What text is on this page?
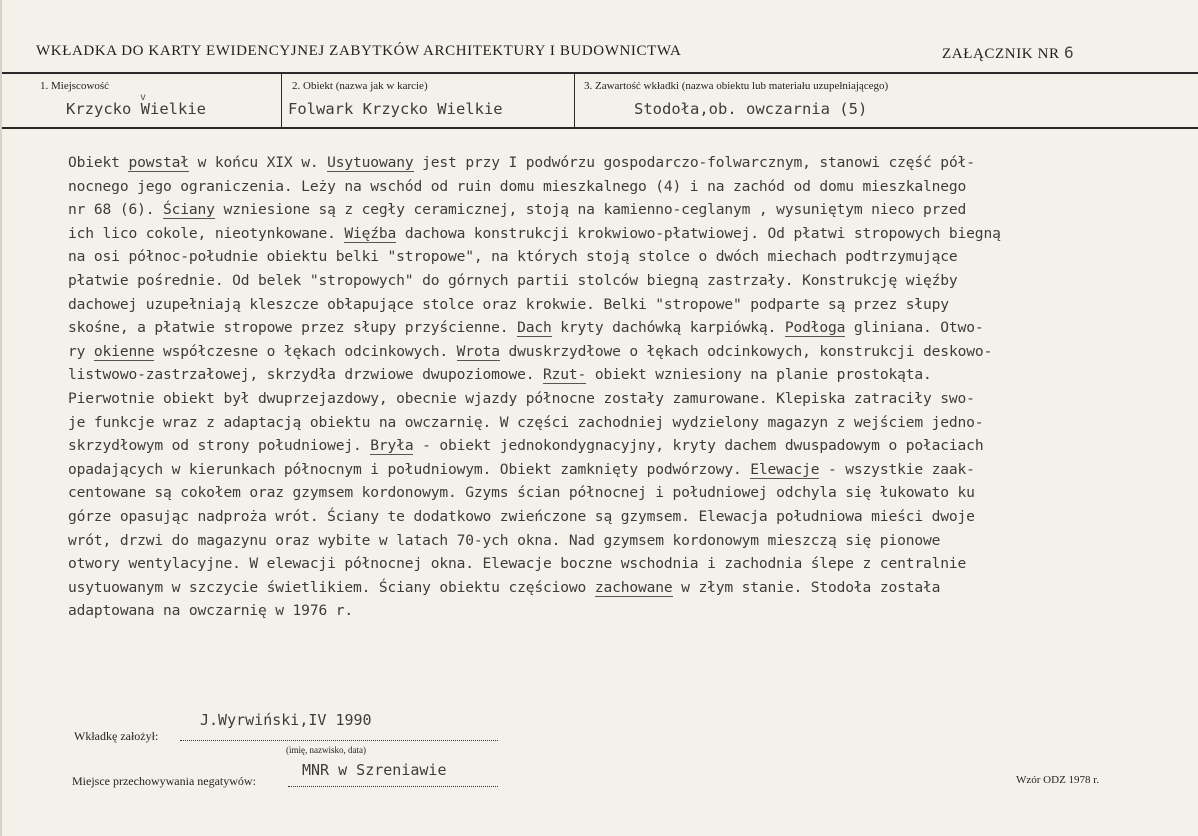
WKŁADKA DO KARTY EWIDENCYJNEJ ZABYTKÓW ARCHITEKTURY I BUDOWNICTWA	ZAŁĄCZNIK NR 6
1. Miejscowość
Krzycko Wielkie
v
2. Obiekt (nazwa jak w karcie)
Folwark Krzycko Wielkie
3. Zawartość wkładki (nazwa obiektu lub materiału uzupełniającego)
Stodoła,ob. owczarnia (5)
Obiekt powstał w końcu XIX w. Usytuowany jest przy I podwórzu gospodarczo-folwarcznym, stanowi część pół-
nocnego jego ograniczenia. Leży na wschód od ruin domu mieszkalnego (4) i na zachód od domu mieszkalnego
nr 68 (6). Ściany wzniesione są z cegły ceramicznej, stoją na kamienno-ceglanym , wysuniętym nieco przed
ich lico cokole, nieotynkowane. Więźba dachowa konstrukcji krokwiowo-płatwiowej. Od płatwi stropowych biegną
na osi północ-południe obiektu belki "stropowe", na których stoją stolce o dwóch miechach podtrzymujące
płatwie pośrednie. Od belek "stropowych" do górnych partii stolców biegną zastrzały. Konstrukcję więźby
dachowej uzupełniają kleszcze obłapujące stolce oraz krokwie. Belki "stropowe" podparte są przez słupy
skośne, a płatwie stropowe przez słupy przyścienne. Dach kryty dachówką karpiówką. Podłoga gliniana. Otwo-
ry okienne współczesne o łękach odcinkowych. Wrota dwuskrzydłowe o łękach odcinkowych, konstrukcji deskowo-
listwowo-zastrzałowej, skrzydła drzwiowe dwupoziomowe. Rzut- obiekt wzniesiony na planie prostokąta.
Pierwotnie obiekt był dwuprzejazdowy, obecnie wjazdy północne zostały zamurowane. Klepiska zatraciły swo-
je funkcje wraz z adaptacją obiektu na owczarnię. W części zachodniej wydzielony magazyn z wejściem jedno-
skrzydłowym od strony południowej. Bryła - obiekt jednokondygnacyjny, kryty dachem dwuspadowym o połaciach
opadających w kierunkach północnym i południowym. Obiekt zamknięty podwórzowy. Elewacje - wszystkie zaak-
centowane są cokołem oraz gzymsem kordonowym. Gzyms ścian północnej i południowej odchyla się łukowato ku
górze opasując nadproża wrót. Ściany te dodatkowo zwieńczone są gzymsem. Elewacja południowa mieści dwoje
wrót, drzwi do magazynu oraz wybite w latach 70-ych okna. Nad gzymsem kordonowym mieszczą się pionowe
otwory wentylacyjne. W elewacji północnej okna. Elewacje boczne wschodnia i zachodnia ślepe z centralnie
usytuowanym w szczycie świetlikiem. Ściany obiektu częściowo zachowane w złym stanie. Stodoła została
adaptowana na owczarnię w 1976 r.
J.Wyrwiński,IV 1990
Wkładkę założył:
(imię, nazwisko, data)
MNR w Szreniawie
Miejsce przechowywania negatywów:	Wzór ODZ 1978 r.
